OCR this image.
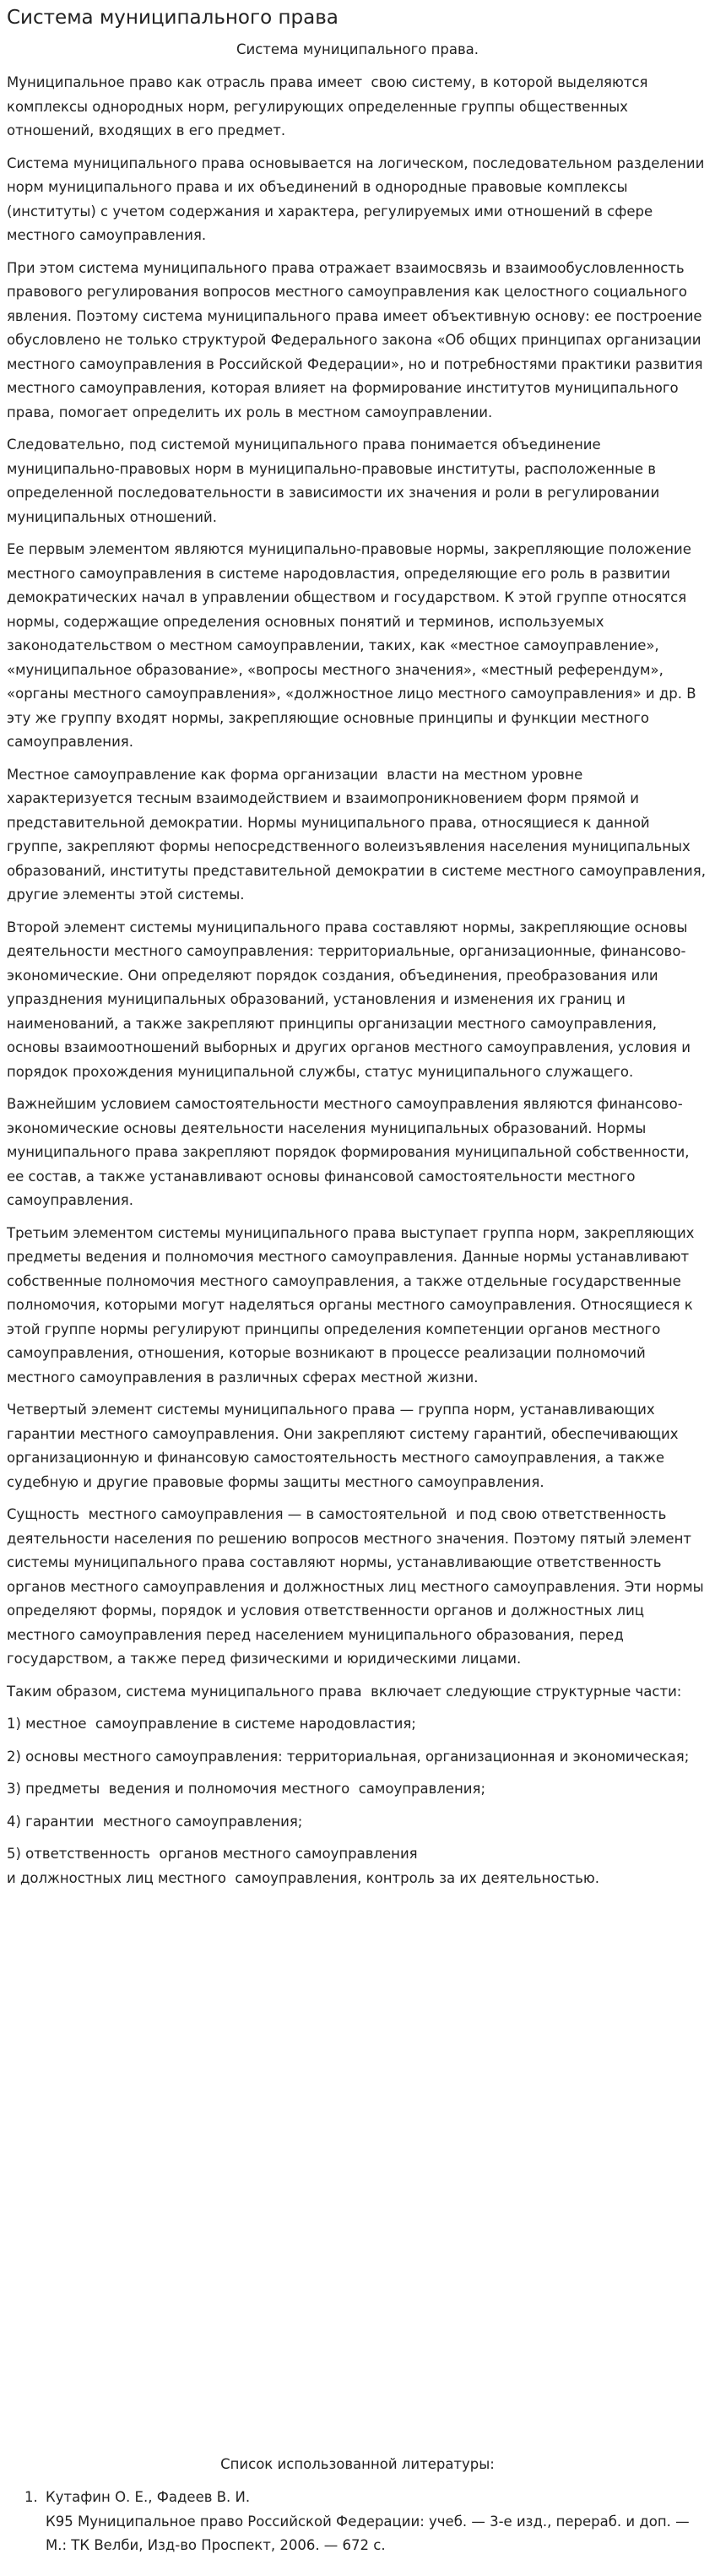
Система муниципального права
Система муниципального права.

Муниципальное право как отрасль права имеет  свою систему, в которой выделяются комплексы однородных норм, регулирующих определенные группы общественных отношений, входящих в его предмет.

Система муниципального права основывается на логическом, последовательном разделении норм муниципального права и их объединений в однородные правовые комплексы (институты) с учетом содержания и характера, регулируемых ими отношений в сфере местного самоуправления.

При этом система муниципального права отражает взаимосвязь и взаимообусловленность правового регулирования вопросов местного самоуправления как целостного социального явления. Поэтому система муниципального права имеет объективную основу: ее построение обусловлено не только структурой Федерального закона «Об общих принципах организации местного самоуправления в Российской Федерации», но и потребностями практики развития местного самоуправления, которая влияет на формирование институтов муниципального права, помогает определить их роль в местном самоуправлении.

Следовательно, под системой муниципального права понимается объединение муниципально-правовых норм в муниципально-правовые институты, расположенные в определенной последовательности в зависимости их значения и роли в регулировании муниципальных отношений.

Ее первым элементом являются муниципально-правовые нормы, закрепляющие положение местного самоуправления в системе народовластия, определяющие его роль в развитии демократических начал в управлении обществом и государством. К этой группе относятся нормы, содержащие определения основных понятий и терминов, используемых законодательством о местном самоуправлении, таких, как «местное самоуправление», «муниципальное образование», «вопросы местного значения», «местный референдум», «органы местного самоуправления», «должностное лицо местного самоуправления» и др. В эту же группу входят нормы, закрепляющие основные принципы и функции местного самоуправления.

Местное самоуправление как форма организации  власти на местном уровне характеризуется тесным взаимодействием и взаимопроникновением форм прямой и представительной демократии. Нормы муниципального права, относящиеся к данной группе, закрепляют формы непосредственного волеизъявления населения муниципальных образований, институты представительной демократии в системе местного самоуправления, другие элементы этой системы.

Второй элемент системы муниципального права составляют нормы, закрепляющие основы деятельности местного самоуправления: территориальные, организационные, финансово-экономические. Они определяют порядок создания, объединения, преобразования или упразднения муниципальных образований, установления и изменения их границ и наименований, а также закрепляют принципы организации местного самоуправления, основы взаимоотношений выборных и других органов местного самоуправления, условия и порядок прохождения муниципальной службы, статус муниципального служащего.

Важнейшим условием самостоятельности местного самоуправления являются финансово-экономические основы деятельности населения муниципальных образований. Нормы муниципального права закрепляют порядок формирования муниципальной собственности, ее состав, а также устанавливают основы финансовой самостоятельности местного самоуправления.

Третьим элементом системы муниципального права выступает группа норм, закрепляющих предметы ведения и полномочия местного самоуправления. Данные нормы устанавливают собственные полномочия местного самоуправления, а также отдельные государственные полномочия, которыми могут наделяться органы местного самоуправления. Относящиеся к этой группе нормы регулируют принципы определения компетенции органов местного самоуправления, отношения, которые возникают в процессе реализации полномочий местного самоуправления в различных сферах местной жизни.

Четвертый элемент системы муниципального права — группа норм, устанавливающих гарантии местного самоуправления. Они закрепляют систему гарантий, обеспечивающих организационную и финансовую самостоятельность местного самоуправления, а также судебную и другие правовые формы защиты местного самоуправления.

Сущность  местного самоуправления — в самостоятельной  и под свою ответственность деятельности населения по решению вопросов местного значения. Поэтому пятый элемент системы муниципального права составляют нормы, устанавливающие ответственность органов местного самоуправления и должностных лиц местного самоуправления. Эти нормы определяют формы, порядок и условия ответственности органов и должностных лиц местного самоуправления перед населением муниципального образования, перед государством, а также перед физическими и юридическими лицами.

Таким образом, система муниципального права  включает следующие структурные части:

1) местное  самоуправление в системе народовластия;

2) основы местного самоуправления: территориальная, организационная и экономическая;

3) предметы  ведения и полномочия местного  самоуправления;

4) гарантии  местного самоуправления;

5) ответственность  органов местного самоуправления
и должностных лиц местного  самоуправления, контроль за их деятельностью.

Список использованной литературы:
1. Кутафин О. Е., Фадеев В. И.
К95 Муниципальное право Российской Федерации: учеб. — 3-е изд., перераб. и доп. — М.: ТК Велби, Изд-во Проспект, 2006. — 672 с.
